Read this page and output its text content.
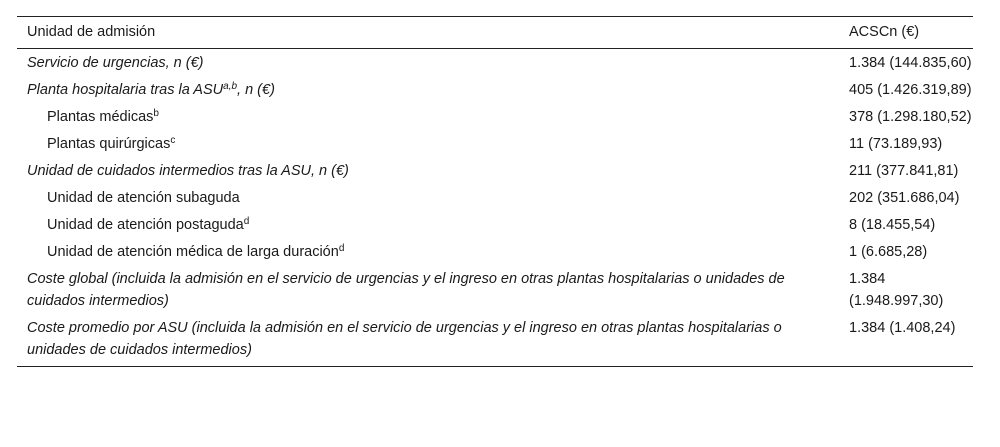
Unidad de admisión	ACSCn (€)
Servicio de urgencias, n (€)	1.384 (144.835,60)
Planta hospitalaria tras la ASU$^{a,b}$, n (€)	405 (1.426.319,89)
Plantas médicas$^b$	378 (1.298.180,52)
Plantas quirúrgicas$^c$	11 (73.189,93)
Unidad de cuidados intermedios tras la ASU, n (€)	211 (377.841,81)
Unidad de atención subaguda	202 (351.686,04)
Unidad de atención postaguda$^d$	8 (18.455,54)
Unidad de atención médica de larga duración$^d$	1 (6.685,28)
Coste global (incluida la admisión en el servicio de urgencias y el ingreso en otras plantas hospitalarias o unidades de cuidados intermedios)	1.384 (1.948.997,30)
Coste promedio por ASU (incluida la admisión en el servicio de urgencias y el ingreso en otras plantas hospitalarias o unidades de cuidados intermedios)	1.384 (1.408,24)
